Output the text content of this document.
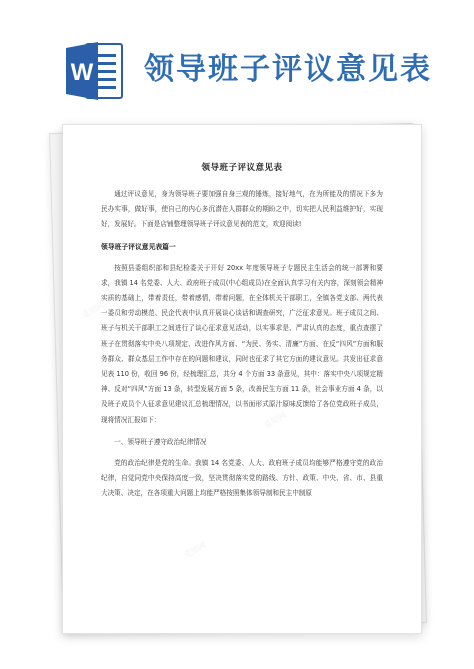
W 领导班子评议意见表
领导班子评议意见表

通过评议意见，身为领导班子要加强自身三观的锤炼，接好地气，在为所能及的情况下多为民办实事，做好事，使自己的内心多沉潜在人群群众的期盼之中，切实把人民利益维护好，实现好，发展好。下面是店铺整理领导班子评议意见表的范文，欢迎阅读!

领导班子评议意见表篇一

按照县委组织部和县纪检委关于开好 20xx 年度领导班子专题民主生活会的统一部署和要求，我镇 14 名党委、人大、政府班子成员(中心组成员)在全面认真学习有关内容，深刻领会精神实质的基础上，带着责任，带着感情，带着问题，在全体机关干部职工，全镇各党支部、两代表一委员和劳动模范、民企代表中认真开展谈心谈话和调查研究，广泛征求意见。班子成员之间、班子与机关干部职工之间进行了谈心征求意见活动，以实事求是、严肃认真的态度，重点查摆了班子在贯彻落实中央八项规定、改进作风方面、“为民、务实、清廉”方面、在反“四风”方面和服务群众、群众基层工作中存在的问题和建议，同时也征求了其它方面的建议意见。共发出征求意见表 110 份，收回 96 份，经梳理汇总，共分 4 个方面 33 条意见，其中：落实中央八项规定精神、反对“四风”方面 13 条，转型发展方面 5 条，改善民生方面 11 条，社会事业方面 4 条，以及班子成员个人征求意见建议汇总梳理情况，以书面形式原汁原味反馈给了各位党政班子成员，现将情况汇报如下：

一、领导班子遵守政治纪律情况

党的政治纪律是党的生命。我镇 14 名党委、人大、政府班子成员均能够严格遵守党的政治纪律，自觉同党中央保持高度一致，坚决贯彻落实党的路线、方针、政策、中央、省、市、县重大决策、决定，在各项重大问题上均能严格按照集体领导制和民主中制原

觅知网
觅知网
觅知网
